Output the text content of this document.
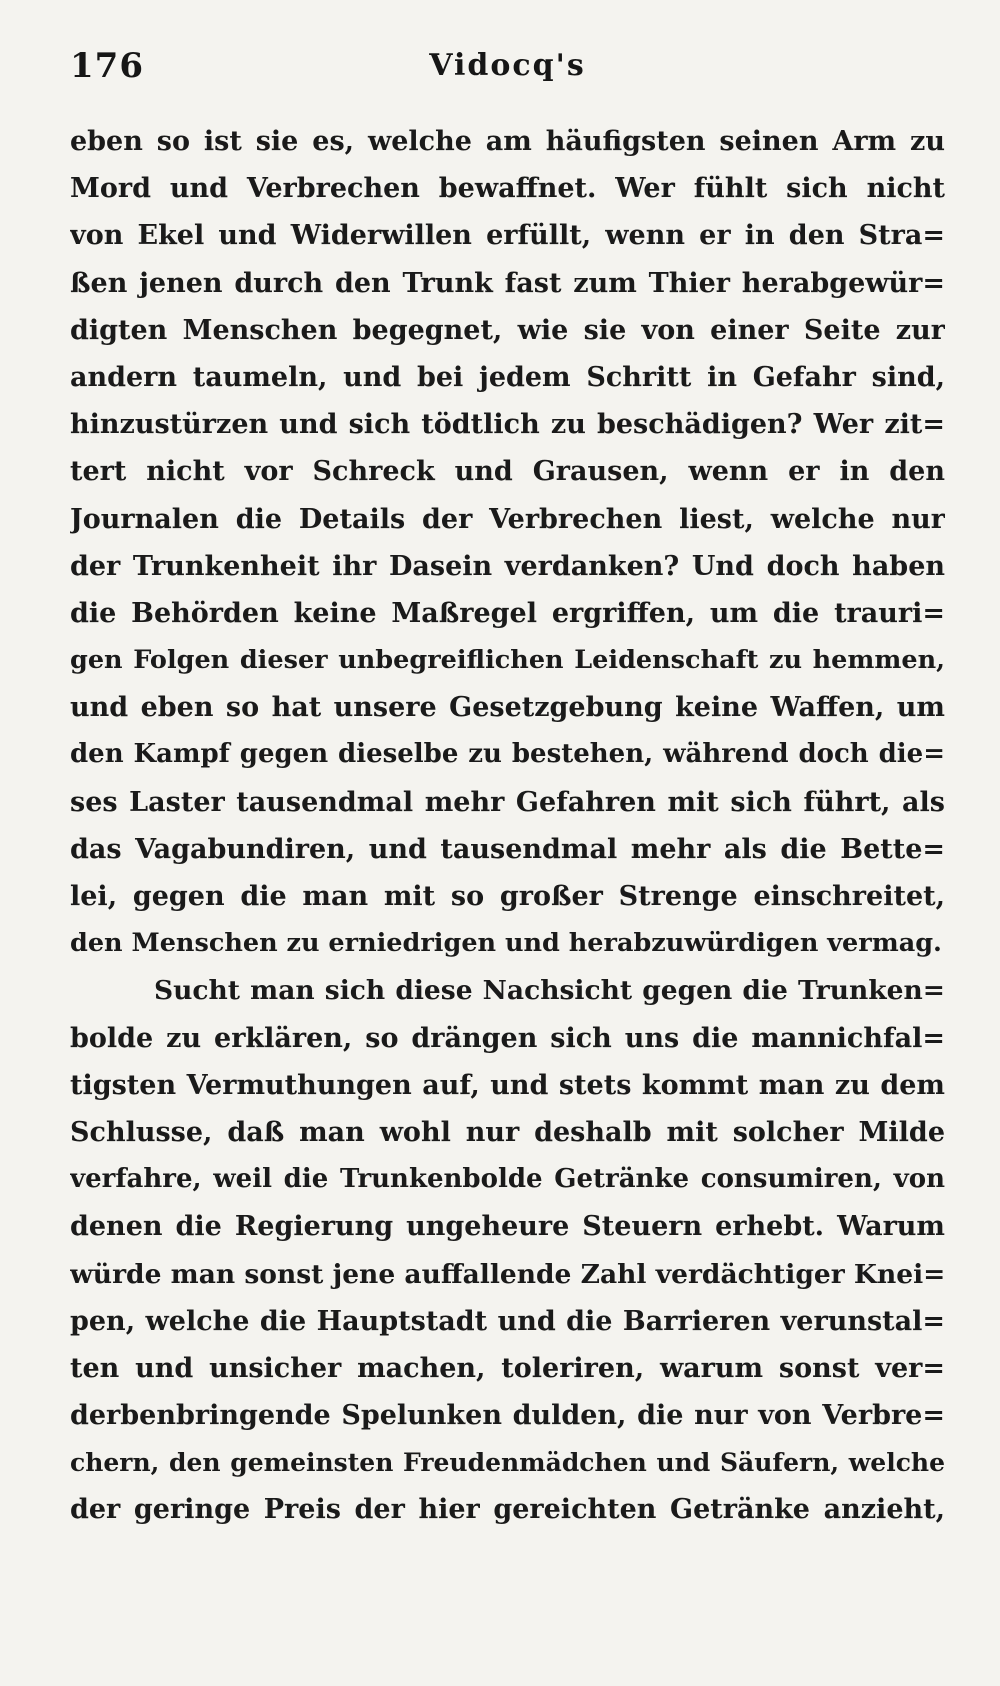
176	Vidocq's
eben so ist sie es, welche am häufigsten seinen Arm zu
Mord und Verbrechen bewaffnet. Wer fühlt sich nicht
von Ekel und Widerwillen erfüllt, wenn er in den Stra=
ßen jenen durch den Trunk fast zum Thier herabgewür=
digten Menschen begegnet, wie sie von einer Seite zur
andern taumeln, und bei jedem Schritt in Gefahr sind,
hinzustürzen und sich tödtlich zu beschädigen? Wer zit=
tert nicht vor Schreck und Grausen, wenn er in den
Journalen die Details der Verbrechen liest, welche nur
der Trunkenheit ihr Dasein verdanken? Und doch haben
die Behörden keine Maßregel ergriffen, um die trauri=
gen Folgen dieser unbegreiflichen Leidenschaft zu hemmen,
und eben so hat unsere Gesetzgebung keine Waffen, um
den Kampf gegen dieselbe zu bestehen, während doch die=
ses Laster tausendmal mehr Gefahren mit sich führt, als
das Vagabundiren, und tausendmal mehr als die Bette=
lei, gegen die man mit so großer Strenge einschreitet,
den Menschen zu erniedrigen und herabzuwürdigen vermag.
Sucht man sich diese Nachsicht gegen die Trunken=
bolde zu erklären, so drängen sich uns die mannichfal=
tigsten Vermuthungen auf, und stets kommt man zu dem
Schlusse, daß man wohl nur deshalb mit solcher Milde
verfahre, weil die Trunkenbolde Getränke consumiren, von
denen die Regierung ungeheure Steuern erhebt. Warum
würde man sonst jene auffallende Zahl verdächtiger Knei=
pen, welche die Hauptstadt und die Barrieren verunstal=
ten und unsicher machen, toleriren, warum sonst ver=
derbenbringende Spelunken dulden, die nur von Verbre=
chern, den gemeinsten Freudenmädchen und Säufern, welche
der geringe Preis der hier gereichten Getränke anzieht,
